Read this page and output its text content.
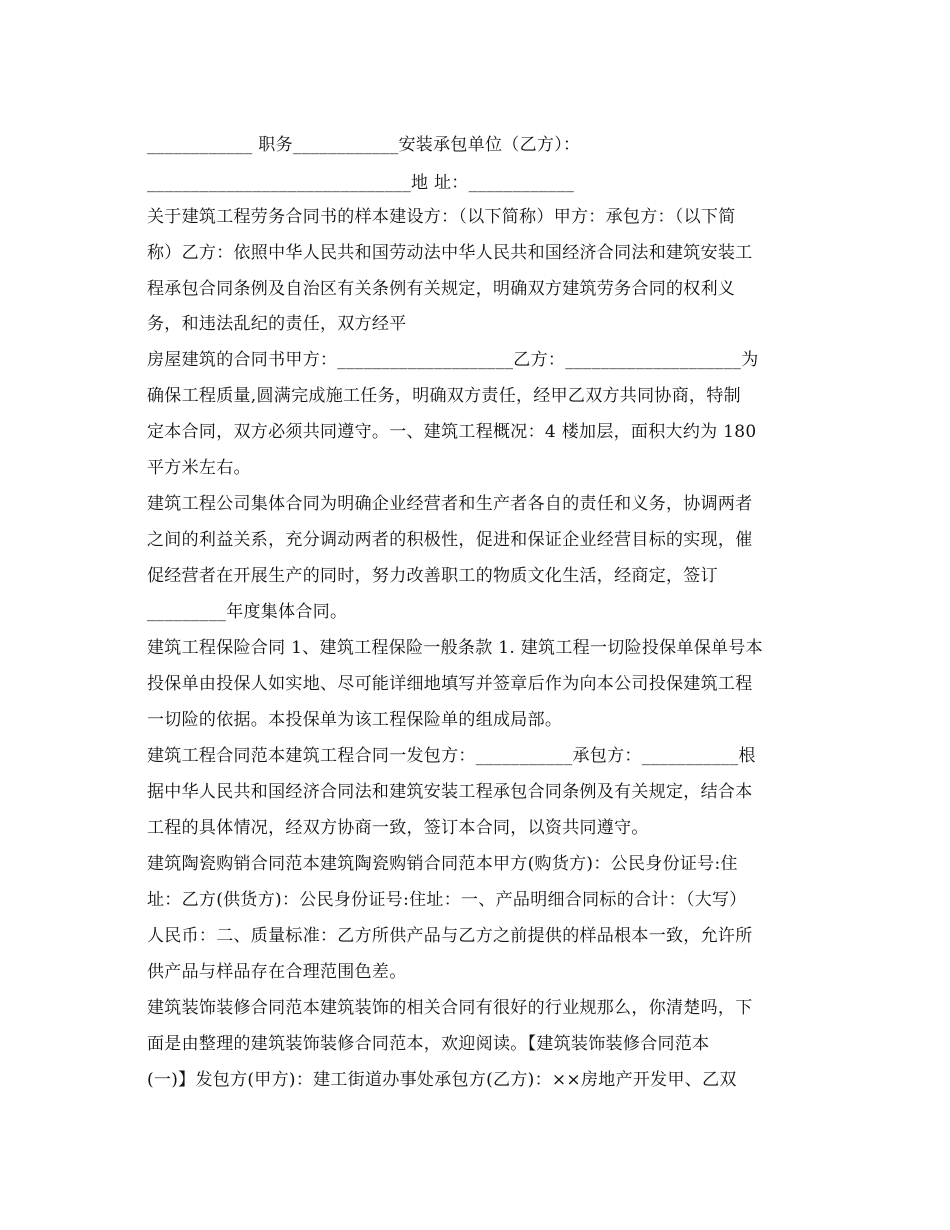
____________ 职务____________安装承包单位（乙方）：
______________________________地 址：____________
关于建筑工程劳务合同书的样本建设方：（以下简称）甲方：承包方：（以下简
称）乙方：依照中华人民共和国劳动法中华人民共和国经济合同法和建筑安装工
程承包合同条例及自治区有关条例有关规定，明确双方建筑劳务合同的权利义
务，和违法乱纪的责任，双方经平
房屋建筑的合同书甲方：____________________乙方：____________________为
确保工程质量,圆满完成施工任务，明确双方责任，经甲乙双方共同协商，特制
定本合同，双方必须共同遵守。一、建筑工程概况：4 楼加层，面积大约为 180
平方米左右。
建筑工程公司集体合同为明确企业经营者和生产者各自的责任和义务，协调两者
之间的利益关系，充分调动两者的积极性，促进和保证企业经营目标的实现，催
促经营者在开展生产的同时，努力改善职工的物质文化生活，经商定，签订
_________年度集体合同。
建筑工程保险合同 1、建筑工程保险一般条款 1. 建筑工程一切险投保单保单号本
投保单由投保人如实地、尽可能详细地填写并签章后作为向本公司投保建筑工程
一切险的依据。本投保单为该工程保险单的组成局部。
建筑工程合同范本建筑工程合同一发包方：___________承包方：___________根
据中华人民共和国经济合同法和建筑安装工程承包合同条例及有关规定，结合本
工程的具体情况，经双方协商一致，签订本合同，以资共同遵守。
建筑陶瓷购销合同范本建筑陶瓷购销合同范本甲方(购货方)：公民身份证号:住
址：乙方(供货方)：公民身份证号:住址：一、产品明细合同标的合计：（大写）
人民币：二、质量标准：乙方所供产品与乙方之前提供的样品根本一致，允许所
供产品与样品存在合理范围色差。
建筑装饰装修合同范本建筑装饰的相关合同有很好的行业规那么，你清楚吗，下
面是由整理的建筑装饰装修合同范本，欢迎阅读。【建筑装饰装修合同范本
(一)】发包方(甲方)：建工街道办事处承包方(乙方)：××房地产开发甲、乙双
